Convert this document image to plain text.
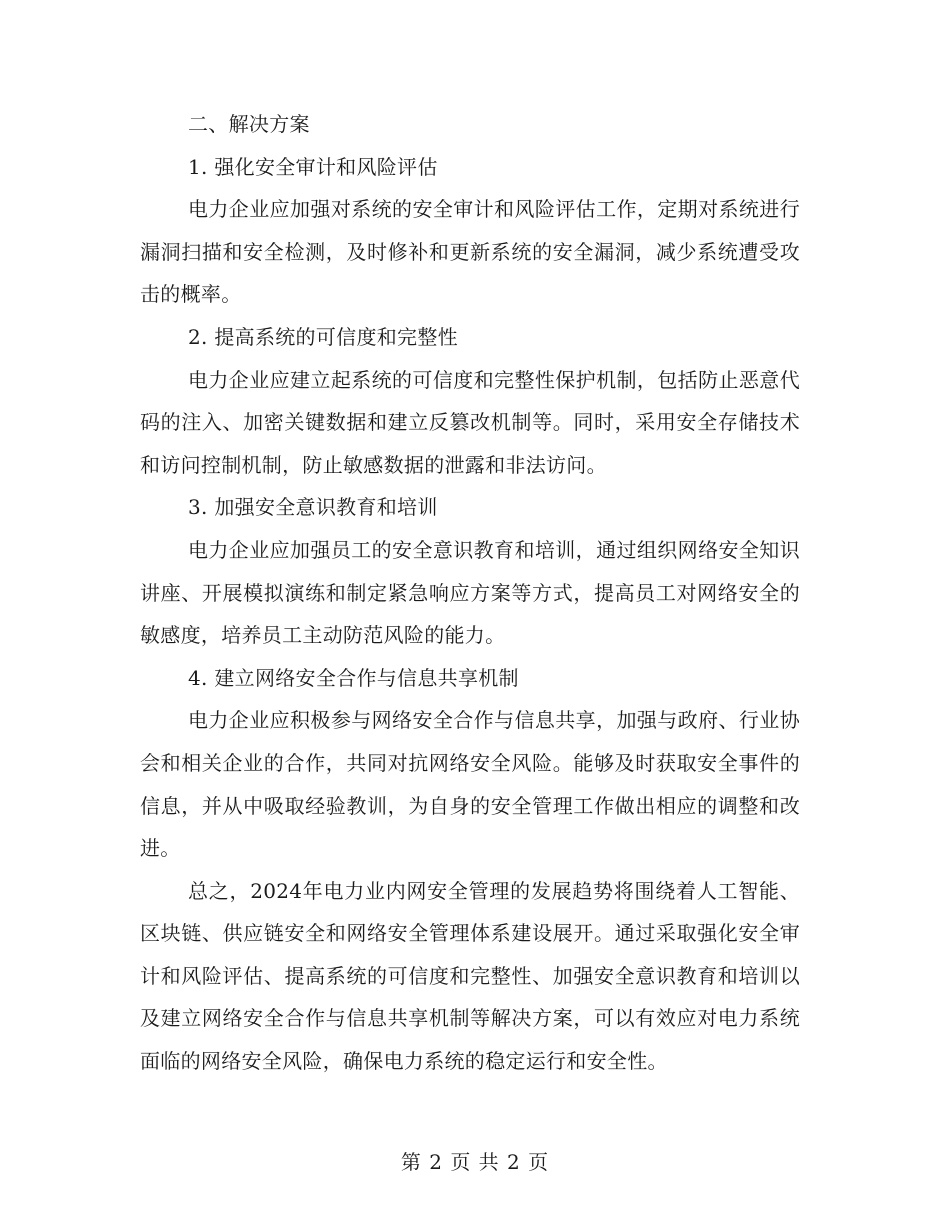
二、解决方案

1. 强化安全审计和风险评估

电力企业应加强对系统的安全审计和风险评估工作，定期对系统进行漏洞扫描和安全检测，及时修补和更新系统的安全漏洞，减少系统遭受攻击的概率。

2. 提高系统的可信度和完整性

电力企业应建立起系统的可信度和完整性保护机制，包括防止恶意代码的注入、加密关键数据和建立反篡改机制等。同时，采用安全存储技术和访问控制机制，防止敏感数据的泄露和非法访问。

3. 加强安全意识教育和培训

电力企业应加强员工的安全意识教育和培训，通过组织网络安全知识讲座、开展模拟演练和制定紧急响应方案等方式，提高员工对网络安全的敏感度，培养员工主动防范风险的能力。

4. 建立网络安全合作与信息共享机制

电力企业应积极参与网络安全合作与信息共享，加强与政府、行业协会和相关企业的合作，共同对抗网络安全风险。能够及时获取安全事件的信息，并从中吸取经验教训，为自身的安全管理工作做出相应的调整和改进。

总之，2024年电力业内网安全管理的发展趋势将围绕着人工智能、区块链、供应链安全和网络安全管理体系建设展开。通过采取强化安全审计和风险评估、提高系统的可信度和完整性、加强安全意识教育和培训以及建立网络安全合作与信息共享机制等解决方案，可以有效应对电力系统面临的网络安全风险，确保电力系统的稳定运行和安全性。

第 2 页 共 2 页
